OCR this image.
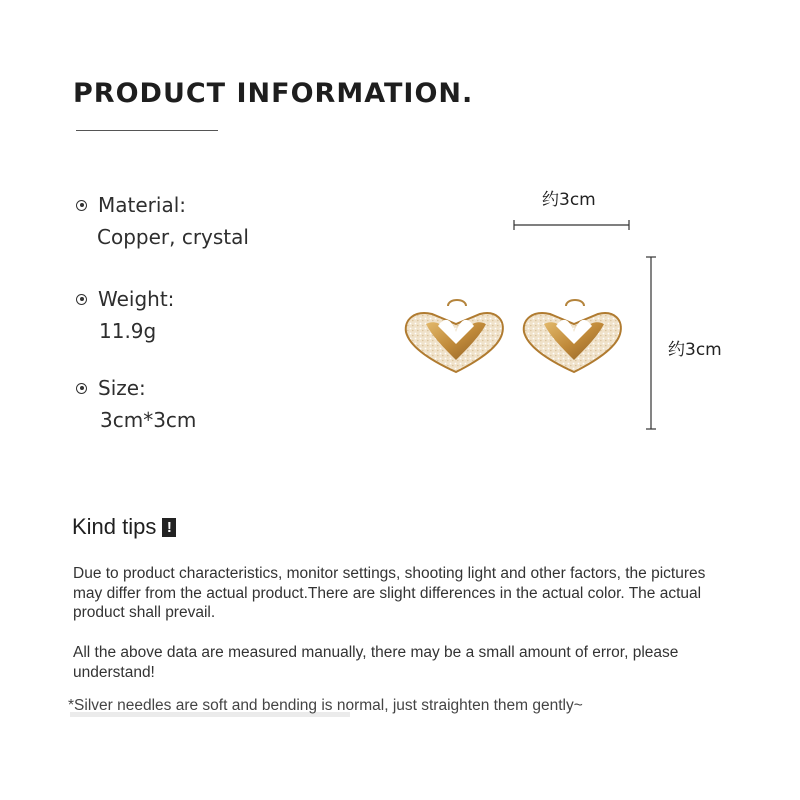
PRODUCT INFORMATION.
Material:
Copper, crystal
Weight:
11.9g
Size:
3cm*3cm
约3cm
约3cm
Kind tips !
Due to product characteristics, monitor settings, shooting light and other factors, the pictures may differ from the actual product.There are slight differences in the actual color. The actual product shall prevail.
All the above data are measured manually, there may be a small amount of error, please understand!
*Silver needles are soft and bending is normal, just straighten them gently~
